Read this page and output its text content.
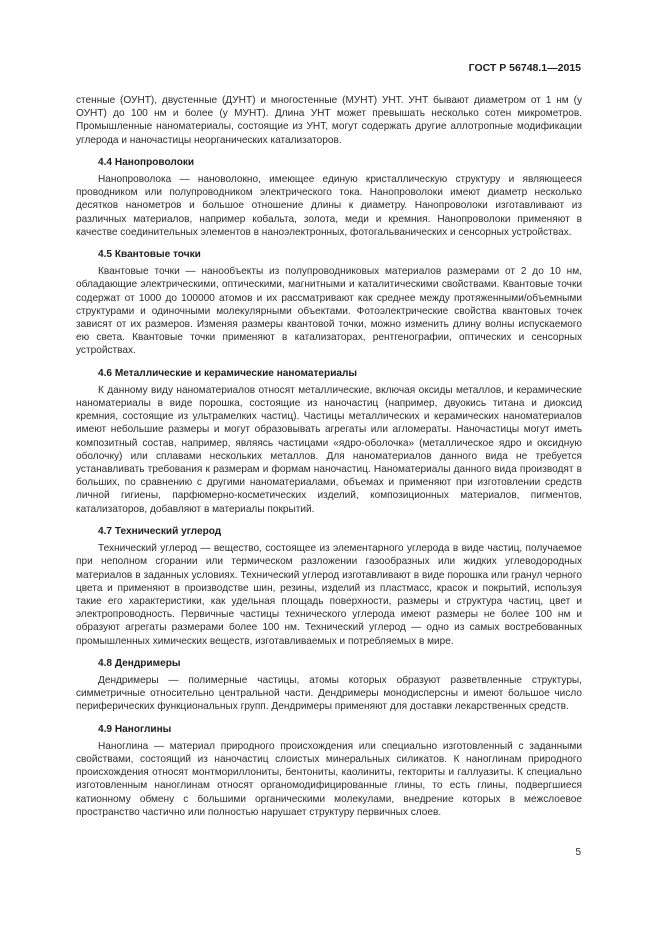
ГОСТ Р 56748.1—2015

стенные (ОУНТ), двустенные (ДУНТ) и многостенные (МУНТ) УНТ. УНТ бывают диаметром от 1 нм (у ОУНТ) до 100 нм и более (у МУНТ). Длина УНТ может превышать несколько сотен микрометров. Промышленные наноматериалы, состоящие из УНТ, могут содержать другие аллотропные модификации углерода и наночастицы неорганических катализаторов.

4.4 Нанопроволоки

Нанопроволока — нановолокно, имеющее единую кристаллическую структуру и являющееся проводником или полупроводником электрического тока. Нанопроволоки имеют диаметр несколько десятков нанометров и большое отношение длины к диаметру. Нанопроволоки изготавливают из различных материалов, например кобальта, золота, меди и кремния. Нанопроволоки применяют в качестве соединительных элементов в наноэлектронных, фотогальванических и сенсорных устройствах.

4.5 Квантовые точки

Квантовые точки — нанообъекты из полупроводниковых материалов размерами от 2 до 10 нм, обладающие электрическими, оптическими, магнитными и каталитическими свойствами. Квантовые точки содержат от 1000 до 100000 атомов и их рассматривают как среднее между протяженными/объемными структурами и одиночными молекулярными объектами. Фотоэлектрические свойства квантовых точек зависят от их размеров. Изменяя размеры квантовой точки, можно изменить длину волны испускаемого ею света. Квантовые точки применяют в катализаторах, рентгенографии, оптических и сенсорных устройствах.

4.6 Металлические и керамические наноматериалы

К данному виду наноматериалов относят металлические, включая оксиды металлов, и керамические наноматериалы в виде порошка, состоящие из наночастиц (например, двуокись титана и диоксид кремния, состоящие из ультрамелких частиц). Частицы металлических и керамических наноматериалов имеют небольшие размеры и могут образовывать агрегаты или агломераты. Наночастицы могут иметь композитный состав, например, являясь частицами «ядро-оболочка» (металлическое ядро и оксидную оболочку) или сплавами нескольких металлов. Для наноматериалов данного вида не требуется устанавливать требования к размерам и формам наночастиц. Наноматериалы данного вида производят в больших, по сравнению с другими наноматериалами, объемах и применяют при изготовлении средств личной гигиены, парфюмерно-косметических изделий, композиционных материалов, пигментов, катализаторов, добавляют в материалы покрытий.

4.7 Технический углерод

Технический углерод — вещество, состоящее из элементарного углерода в виде частиц, получаемое при неполном сгорании или термическом разложении газообразных или жидких углеводородных материалов в заданных условиях. Технический углерод изготавливают в виде порошка или гранул черного цвета и применяют в производстве шин, резины, изделий из пластмасс, красок и покрытий, используя такие его характеристики, как удельная площадь поверхности, размеры и структура частиц, цвет и электропроводность. Первичные частицы технического углерода имеют размеры не более 100 нм и образуют агрегаты размерами более 100 нм. Технический углерод — одно из самых востребованных промышленных химических веществ, изготавливаемых и потребляемых в мире.

4.8 Дендримеры

Дендримеры — полимерные частицы, атомы которых образуют разветвленные структуры, симметричные относительно центральной части. Дендримеры монодисперсны и имеют большое число периферических функциональных групп. Дендримеры применяют для доставки лекарственных средств.

4.9 Наноглины

Наноглина — материал природного происхождения или специально изготовленный с заданными свойствами, состоящий из наночастиц слоистых минеральных силикатов. К наноглинам природного происхождения относят монтмориллониты, бентониты, каолиниты, гекториты и галлуазиты. К специально изготовленным наноглинам относят органомодифицированные глины, то есть глины, подвергшиеся катионному обмену с большими органическими молекулами, внедрение которых в межслоевое пространство частично или полностью нарушает структуру первичных слоев.

5
